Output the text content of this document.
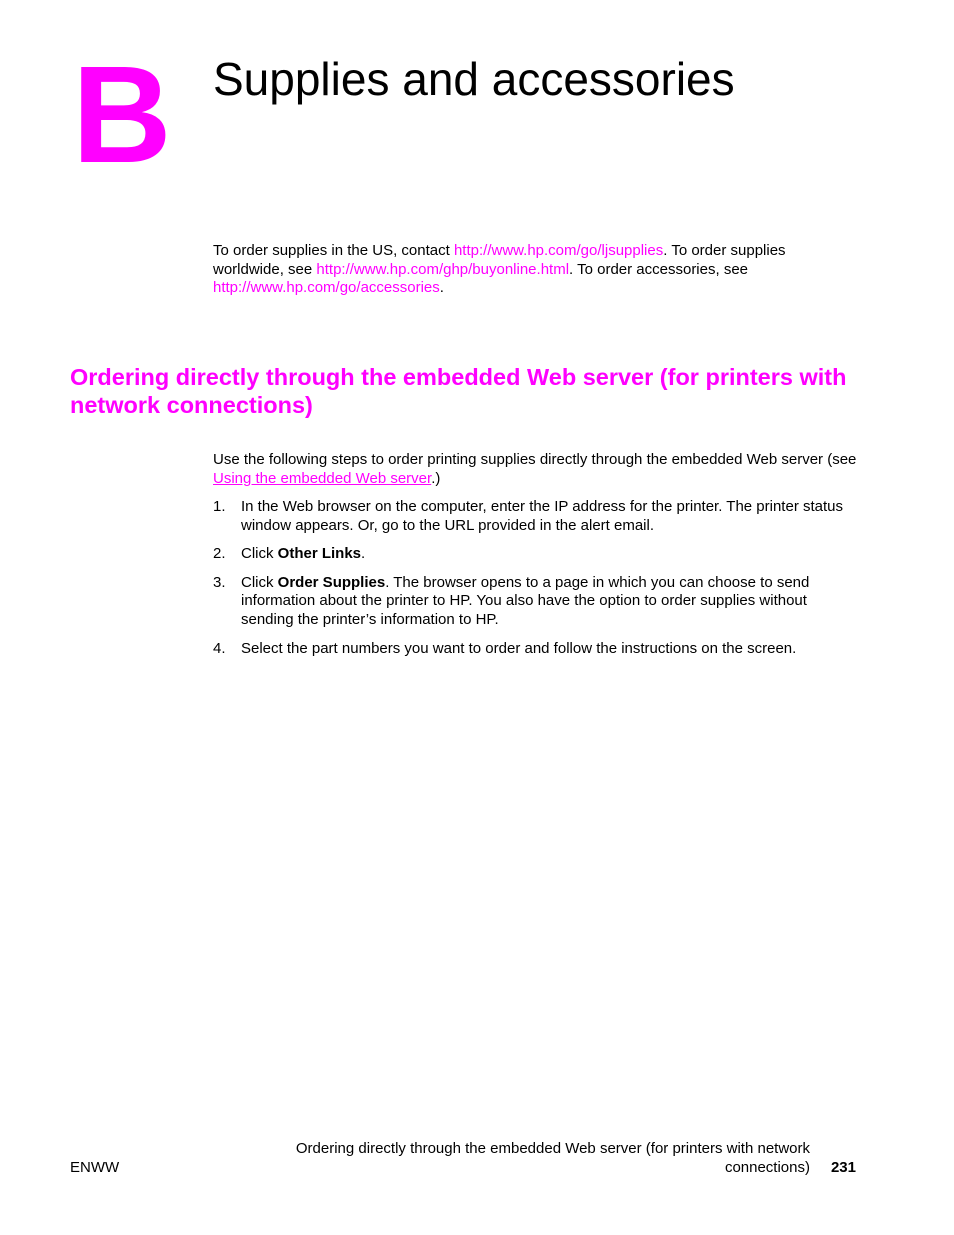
B Supplies and accessories

To order supplies in the US, contact http://www.hp.com/go/ljsupplies. To order supplies worldwide, see http://www.hp.com/ghp/buyonline.html. To order accessories, see http://www.hp.com/go/accessories.

Ordering directly through the embedded Web server (for printers with network connections)

Use the following steps to order printing supplies directly through the embedded Web server (see Using the embedded Web server.)

1. In the Web browser on the computer, enter the IP address for the printer. The printer status window appears. Or, go to the URL provided in the alert email.
2. Click Other Links.
3. Click Order Supplies. The browser opens to a page in which you can choose to send information about the printer to HP. You also have the option to order supplies without sending the printer’s information to HP.
4. Select the part numbers you want to order and follow the instructions on the screen.
ENWW
Ordering directly through the embedded Web server (for printers with network connections) 231
